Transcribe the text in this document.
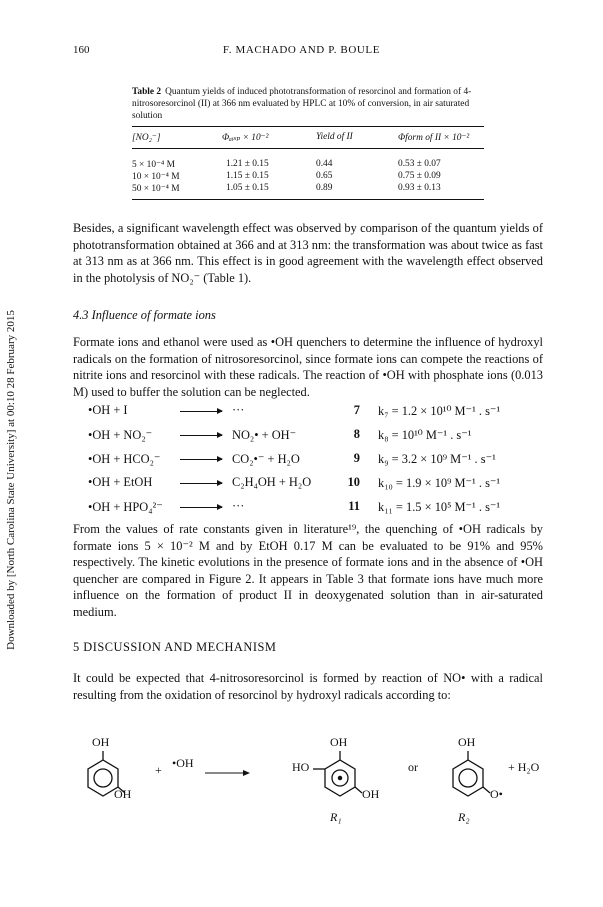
Downloaded by [North Carolina State University] at 00:10 28 February 2015
160	F. MACHADO AND P. BOULE
Table 2 Quantum yields of induced phototransformation of resorcinol and formation of 4-nitrosoresorcinol (II) at 366 nm evaluated by HPLC at 10% of conversion, in air saturated solution
[NO₂⁻]	Φₐᵢₛₚ × 10⁻²	Yield of II	Φform of II × 10⁻²
5 × 10⁻⁴ M	1.21 ± 0.15	0.44	0.53 ± 0.07
10 × 10⁻⁴ M	1.15 ± 0.15	0.65	0.75 ± 0.09
50 × 10⁻⁴ M	1.05 ± 0.15	0.89	0.93 ± 0.13
Besides, a significant wavelength effect was observed by comparison of the quantum yields of phototransformation obtained at 366 and at 313 nm: the transformation was about twice as fast at 313 nm as at 366 nm. This effect is in good agreement with the wavelength effect observed in the photolysis of NO₂⁻ (Table 1).
4.3 Influence of formate ions
Formate ions and ethanol were used as •OH quenchers to determine the influence of hydroxyl radicals on the formation of nitrosoresorcinol, since formate ions can compete the reactions of nitrite ions and resorcinol with these radicals. The reaction of •OH with phosphate ions (0.013 M) used to buffer the solution can be neglected.
•OH + I	···	7 k₇ = 1.2 × 10¹⁰ M⁻¹ . s⁻¹
•OH + NO₂⁻	NO₂• + OH⁻	8 k₈ = 10¹⁰ M⁻¹ . s⁻¹
•OH + HCO₂⁻	CO₂•⁻ + H₂O	9 k₉ = 3.2 × 10⁹ M⁻¹ . s⁻¹
•OH + EtOH	C₂H₄OH + H₂O	10 k₁₀ = 1.9 × 10⁹ M⁻¹ . s⁻¹
•OH + HPO₄²⁻	···	11 k₁₁ = 1.5 × 10⁵ M⁻¹ . s⁻¹
From the values of rate constants given in literature¹⁹, the quenching of •OH radicals by formate ions 5 × 10⁻² M and by EtOH 0.17 M can be evaluated to be 91% and 95% respectively. The kinetic evolutions in the presence of formate ions and in the absence of •OH quencher are compared in Figure 2. It appears in Table 3 that formate ions have much more influence on the formation of product II in deoxygenated solution than in air-saturated medium.
5 DISCUSSION AND MECHANISM
It could be expected that 4-nitrosoresorcinol is formed by reaction of NO• with a radical resulting from the oxidation of resorcinol by hydroxyl radicals according to:
OH
OH
+ •OH	HO
OH
OH
R₁
or
OH
O•
R₂
+ H₂O
